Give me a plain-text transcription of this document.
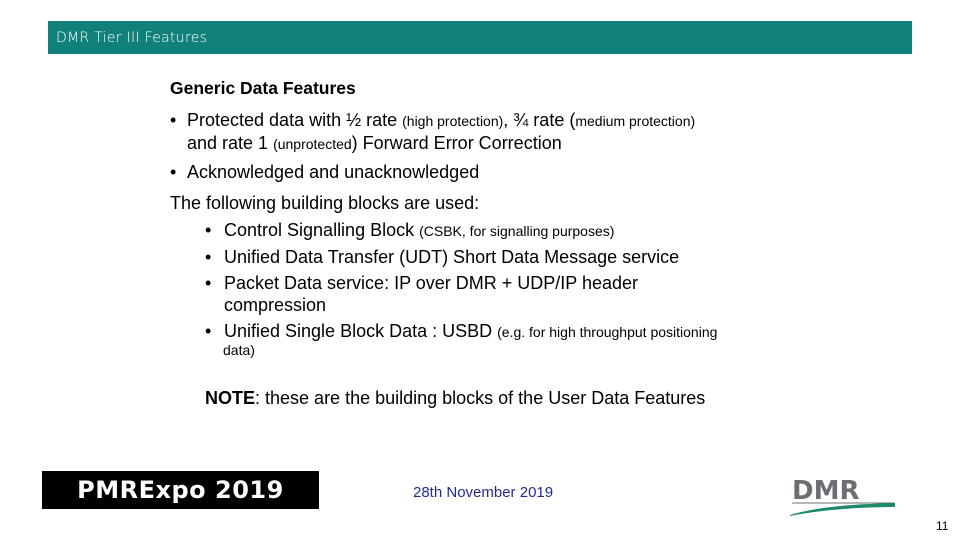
DMR Tier III Features
Generic Data Features
• Protected data with ½ rate (high protection), ¾ rate (medium protection)
and rate 1 (unprotected) Forward Error Correction
• Acknowledged and unacknowledged
The following building blocks are used:
• Control Signalling Block (CSBK, for signalling purposes)
• Unified Data Transfer (UDT) Short Data Message service
• Packet Data service: IP over DMR + UDP/IP header
compression
• Unified Single Block Data : USBD (e.g. for high throughput positioning
data)
NOTE: these are the building blocks of the User Data Features
PMRExpo 2019	28th November 2019	DMR
11
